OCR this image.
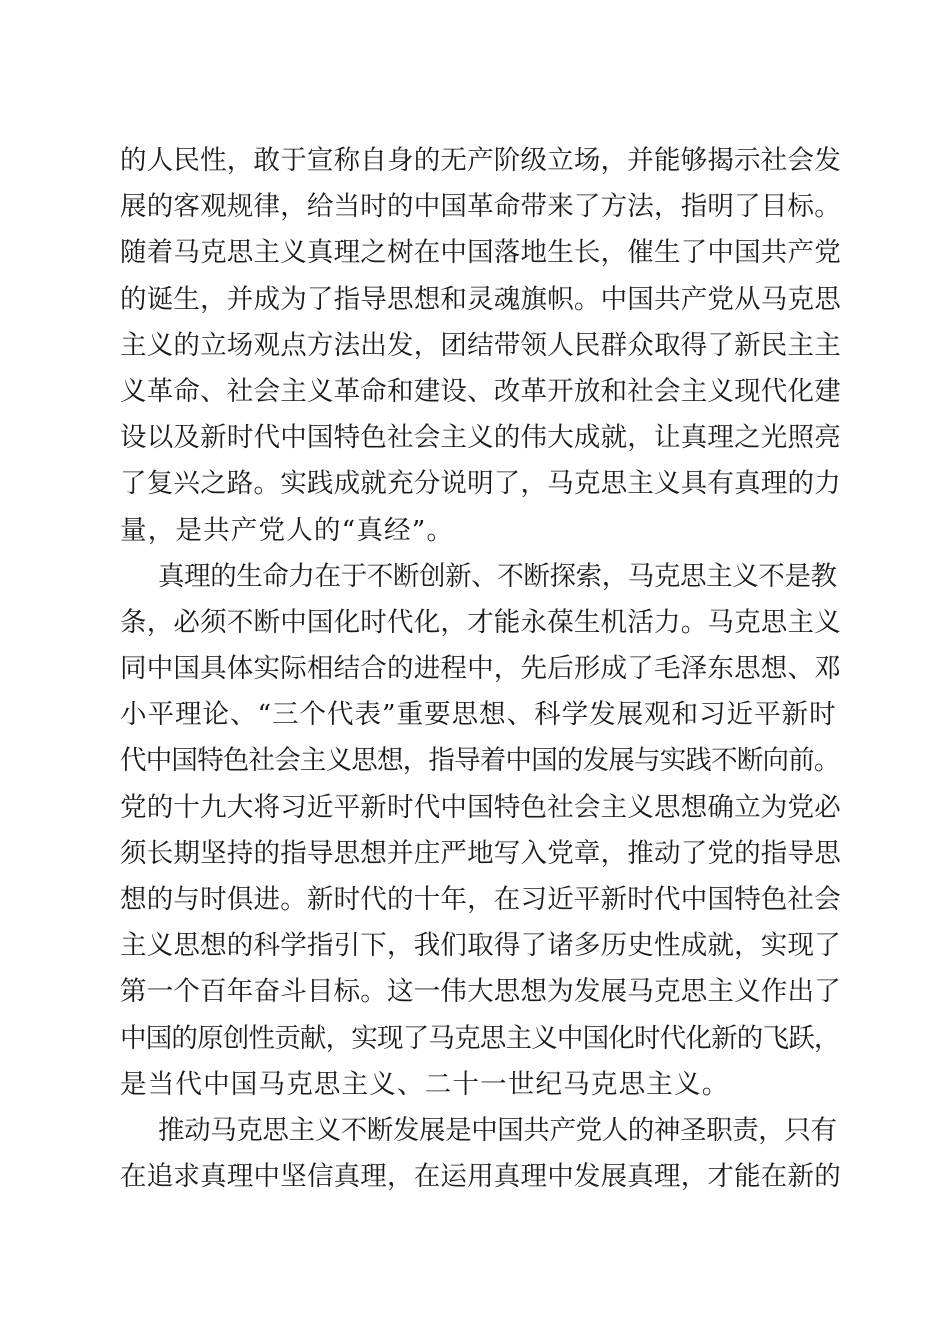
的人民性，敢于宣称自身的无产阶级立场，并能够揭示社会发
展的客观规律，给当时的中国革命带来了方法，指明了目标。
随着马克思主义真理之树在中国落地生长，催生了中国共产党
的诞生，并成为了指导思想和灵魂旗帜。中国共产党从马克思
主义的立场观点方法出发，团结带领人民群众取得了新民主主
义革命、社会主义革命和建设、改革开放和社会主义现代化建
设以及新时代中国特色社会主义的伟大成就，让真理之光照亮
了复兴之路。实践成就充分说明了，马克思主义具有真理的力
量，是共产党人的“真经”。
真理的生命力在于不断创新、不断探索，马克思主义不是教
条，必须不断中国化时代化，才能永葆生机活力。马克思主义
同中国具体实际相结合的进程中，先后形成了毛泽东思想、邓
小平理论、“三个代表”重要思想、科学发展观和习近平新时
代中国特色社会主义思想，指导着中国的发展与实践不断向前。
党的十九大将习近平新时代中国特色社会主义思想确立为党必
须长期坚持的指导思想并庄严地写入党章，推动了党的指导思
想的与时俱进。新时代的十年，在习近平新时代中国特色社会
主义思想的科学指引下，我们取得了诸多历史性成就，实现了
第一个百年奋斗目标。这一伟大思想为发展马克思主义作出了
中国的原创性贡献，实现了马克思主义中国化时代化新的飞跃，
是当代中国马克思主义、二十一世纪马克思主义。
推动马克思主义不断发展是中国共产党人的神圣职责，只有
在追求真理中坚信真理，在运用真理中发展真理，才能在新的
